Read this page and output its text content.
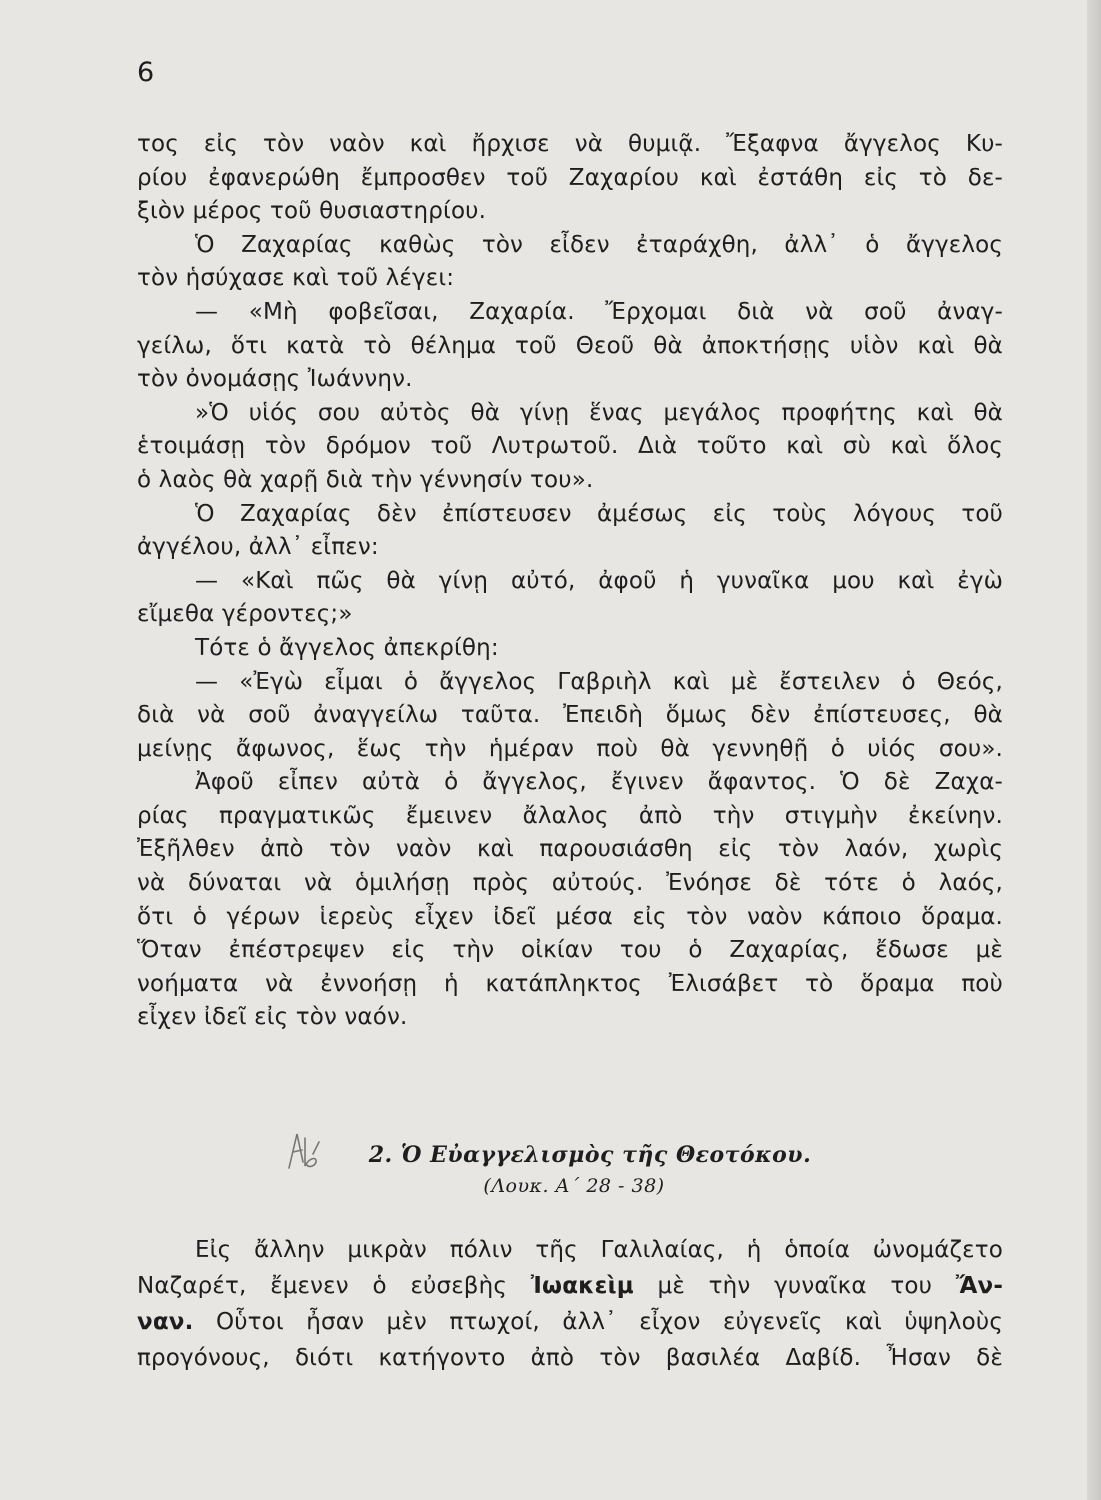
6
τος εἰς τὸν ναὸν καὶ ἤρχισε νὰ θυμιᾷ. Ἔξαφνα ἄγγελος Κυ-
ρίου ἐφανερώθη ἔμπροσθεν τοῦ Ζαχαρίου καὶ ἐστάθη εἰς τὸ δε-
ξιὸν μέρος τοῦ θυσιαστηρίου.
Ὁ Ζαχαρίας καθὼς τὸν εἶδεν ἐταράχθη, ἀλλ᾽ ὁ ἄγγελος
τὸν ἡσύχασε καὶ τοῦ λέγει:
— «Μὴ φοβεῖσαι, Ζαχαρία. Ἔρχομαι διὰ νὰ σοῦ ἀναγ-
γείλω, ὅτι κατὰ τὸ θέλημα τοῦ Θεοῦ θὰ ἀποκτήσῃς υἱὸν καὶ θὰ
τὸν ὀνομάσῃς Ἰωάννην.
»Ὁ υἱός σου αὐτὸς θὰ γίνῃ ἕνας μεγάλος προφήτης καὶ θὰ
ἑτοιμάσῃ τὸν δρόμον τοῦ Λυτρωτοῦ. Διὰ τοῦτο καὶ σὺ καὶ ὅλος
ὁ λαὸς θὰ χαρῇ διὰ τὴν γέννησίν του».
Ὁ Ζαχαρίας δὲν ἐπίστευσεν ἀμέσως εἰς τοὺς λόγους τοῦ
ἀγγέλου, ἀλλ᾽ εἶπεν:
— «Καὶ πῶς θὰ γίνῃ αὐτό, ἀφοῦ ἡ γυναῖκα μου καὶ ἐγὼ
εἴμεθα γέροντες;»
Τότε ὁ ἄγγελος ἀπεκρίθη:
— «Ἐγὼ εἶμαι ὁ ἄγγελος Γαβριὴλ καὶ μὲ ἔστειλεν ὁ Θεός,
διὰ νὰ σοῦ ἀναγγείλω ταῦτα. Ἐπειδὴ ὅμως δὲν ἐπίστευσες, θὰ
μείνῃς ἄφωνος, ἕως τὴν ἡμέραν ποὺ θὰ γεννηθῇ ὁ υἱός σου».
Ἀφοῦ εἶπεν αὐτὰ ὁ ἄγγελος, ἔγινεν ἄφαντος. Ὁ δὲ Ζαχα-
ρίας πραγματικῶς ἔμεινεν ἄλαλος ἀπὸ τὴν στιγμὴν ἐκείνην.
Ἐξῆλθεν ἀπὸ τὸν ναὸν καὶ παρουσιάσθη εἰς τὸν λαόν, χωρὶς
νὰ δύναται νὰ ὁμιλήσῃ πρὸς αὐτούς. Ἐνόησε δὲ τότε ὁ λαός,
ὅτι ὁ γέρων ἱερεὺς εἶχεν ἰδεῖ μέσα εἰς τὸν ναὸν κάποιο ὅραμα.
Ὅταν ἐπέστρεψεν εἰς τὴν οἰκίαν του ὁ Ζαχαρίας, ἔδωσε μὲ
νοήματα νὰ ἐννοήσῃ ἡ κατάπληκτος Ἐλισάβετ τὸ ὅραμα ποὺ
εἶχεν ἰδεῖ εἰς τὸν ναόν.
2. Ὁ Εὐαγγελισμὸς τῆς Θεοτόκου.
(Λουκ. Α΄ 28 - 38)
Εἰς ἄλλην μικρὰν πόλιν τῆς Γαλιλαίας, ἡ ὁποία ὠνομάζετο
Ναζαρέτ, ἔμενεν ὁ εὐσεβὴς Ἰωακεὶμ μὲ τὴν γυναῖκα του Ἄν-
ναν. Οὗτοι ἦσαν μὲν πτωχοί, ἀλλ᾽ εἶχον εὐγενεῖς καὶ ὑψηλοὺς
προγόνους, διότι κατήγοντο ἀπὸ τὸν βασιλέα Δαβίδ. Ἦσαν δὲ
